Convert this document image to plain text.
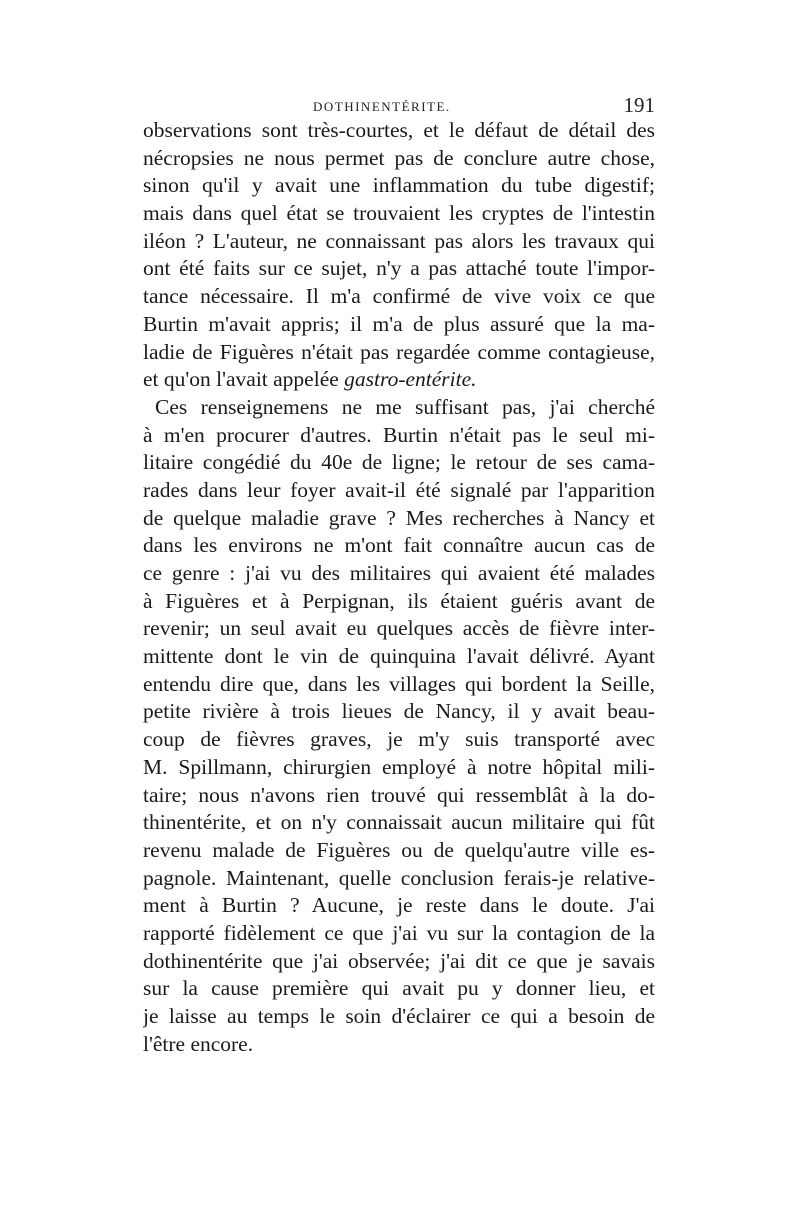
DOTHINENTÉRITE.	191
observations sont très-courtes, et le défaut de détail des
nécropsies ne nous permet pas de conclure autre chose,
sinon qu'il y avait une inflammation du tube digestif;
mais dans quel état se trouvaient les cryptes de l'intestin
iléon ? L'auteur, ne connaissant pas alors les travaux qui
ont été faits sur ce sujet, n'y a pas attaché toute l'impor-
tance nécessaire. Il m'a confirmé de vive voix ce que
Burtin m'avait appris; il m'a de plus assuré que la ma-
ladie de Figuères n'était pas regardée comme contagieuse,
et qu'on l'avait appelée gastro-entérite.
Ces renseignemens ne me suffisant pas, j'ai cherché
à m'en procurer d'autres. Burtin n'était pas le seul mi-
litaire congédié du 40e de ligne; le retour de ses cama-
rades dans leur foyer avait-il été signalé par l'apparition
de quelque maladie grave ? Mes recherches à Nancy et
dans les environs ne m'ont fait connaître aucun cas de
ce genre : j'ai vu des militaires qui avaient été malades
à Figuères et à Perpignan, ils étaient guéris avant de
revenir; un seul avait eu quelques accès de fièvre inter-
mittente dont le vin de quinquina l'avait délivré. Ayant
entendu dire que, dans les villages qui bordent la Seille,
petite rivière à trois lieues de Nancy, il y avait beau-
coup de fièvres graves, je m'y suis transporté avec
M. Spillmann, chirurgien employé à notre hôpital mili-
taire; nous n'avons rien trouvé qui ressemblât à la do-
thinentérite, et on n'y connaissait aucun militaire qui fût
revenu malade de Figuères ou de quelqu'autre ville es-
pagnole. Maintenant, quelle conclusion ferais-je relative-
ment à Burtin ? Aucune, je reste dans le doute. J'ai
rapporté fidèlement ce que j'ai vu sur la contagion de la
dothinentérite que j'ai observée; j'ai dit ce que je savais
sur la cause première qui avait pu y donner lieu, et
je laisse au temps le soin d'éclairer ce qui a besoin de
l'être encore.
